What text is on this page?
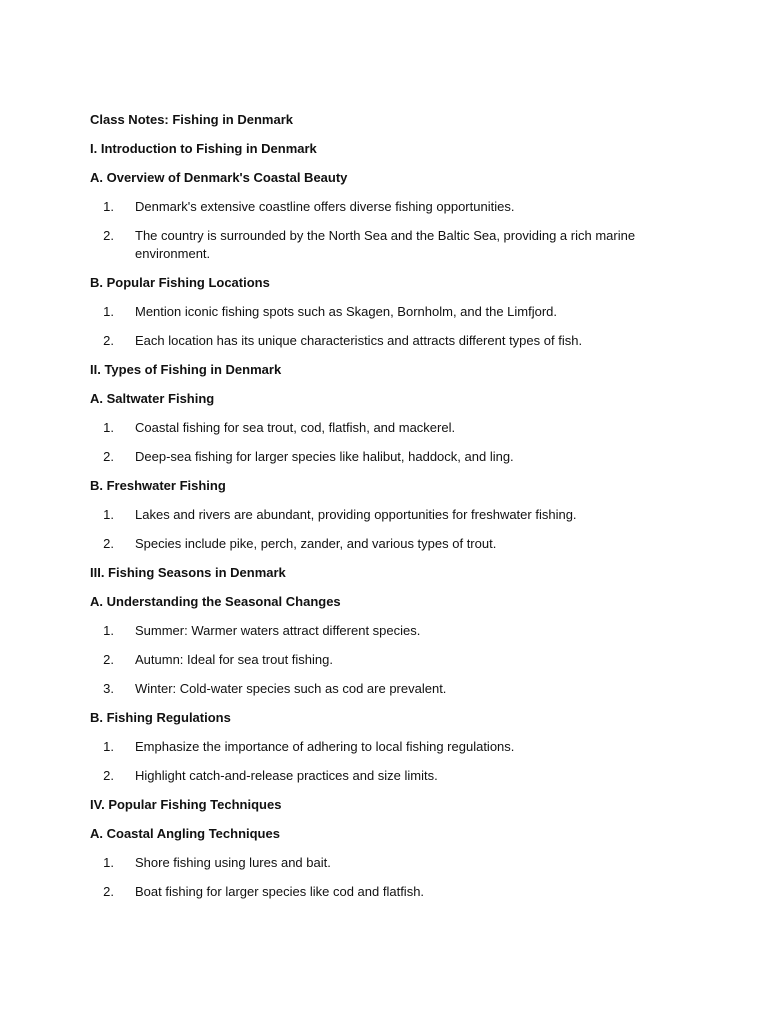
Class Notes: Fishing in Denmark
I. Introduction to Fishing in Denmark
A. Overview of Denmark's Coastal Beauty
1.	Denmark's extensive coastline offers diverse fishing opportunities.
2.	The country is surrounded by the North Sea and the Baltic Sea, providing a rich marine environment.
B. Popular Fishing Locations
1.	Mention iconic fishing spots such as Skagen, Bornholm, and the Limfjord.
2.	Each location has its unique characteristics and attracts different types of fish.
II. Types of Fishing in Denmark
A. Saltwater Fishing
1.	Coastal fishing for sea trout, cod, flatfish, and mackerel.
2.	Deep-sea fishing for larger species like halibut, haddock, and ling.
B. Freshwater Fishing
1.	Lakes and rivers are abundant, providing opportunities for freshwater fishing.
2.	Species include pike, perch, zander, and various types of trout.
III. Fishing Seasons in Denmark
A. Understanding the Seasonal Changes
1.	Summer: Warmer waters attract different species.
2.	Autumn: Ideal for sea trout fishing.
3.	Winter: Cold-water species such as cod are prevalent.
B. Fishing Regulations
1.	Emphasize the importance of adhering to local fishing regulations.
2.	Highlight catch-and-release practices and size limits.
IV. Popular Fishing Techniques
A. Coastal Angling Techniques
1.	Shore fishing using lures and bait.
2.	Boat fishing for larger species like cod and flatfish.
